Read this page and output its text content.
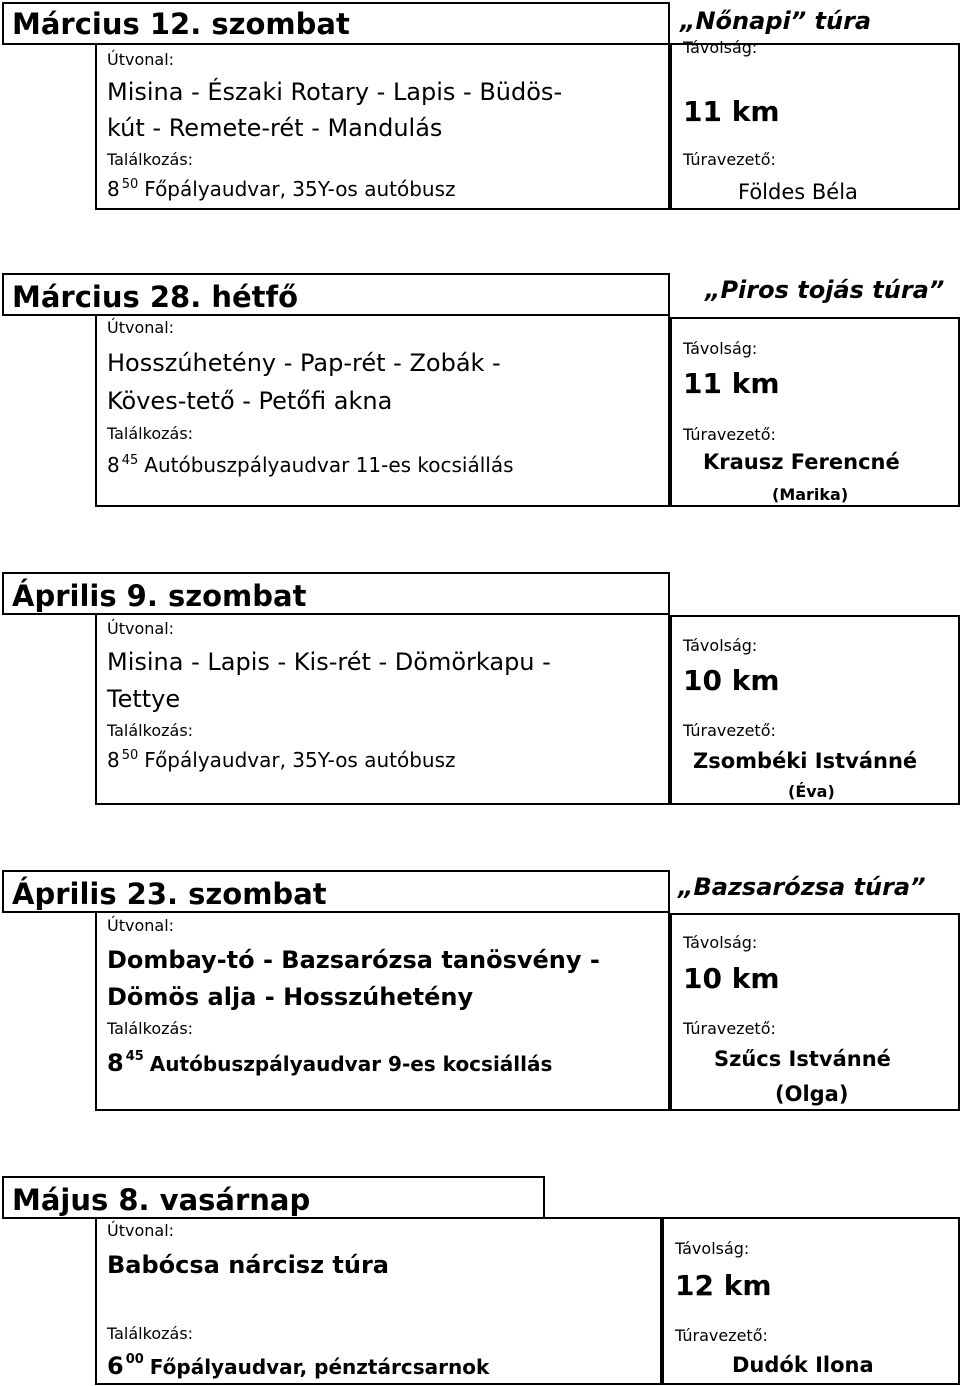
Március 12. szombat	„Nőnapi” túra
Útvonal:
Misina - Északi Rotary - Lapis - Büdös-
kút - Remete-rét - Mandulás
Találkozás:
8 $^{50}$ Főpályaudvar, 35Y-os autóbusz
Távolság:
11 km
Túravezető:
Földes Béla
Március 28. hétfő	„Piros tojás túra”
Útvonal:
Hosszúhetény - Pap-rét - Zobák -
Köves-tető - Petőfi akna
Találkozás:
8 $^{45}$ Autóbuszpályaudvar 11-es kocsiállás
Távolság:
11 km
Túravezető:
Krausz Ferencné
(Marika)
Április 9. szombat
Útvonal:
Misina - Lapis - Kis-rét - Dömörkapu -
Tettye
Találkozás:
8 $^{50}$ Főpályaudvar, 35Y-os autóbusz
Távolság:
10 km
Túravezető:
Zsombéki Istvánné
(Éva)
Április 23. szombat	„Bazsarózsa túra”
Útvonal:
Dombay-tó - Bazsarózsa tanösvény -
Dömös alja - Hosszúhetény
Találkozás:
8 $^{45}$ Autóbuszpályaudvar 9-es kocsiállás
Távolság:
10 km
Túravezető:
Szűcs Istvánné
(Olga)
Május 8. vasárnap
Útvonal:
Babócsa nárcisz túra
Találkozás:
6 $^{00}$ Főpályaudvar, pénztárcsarnok
Távolság:
12 km
Túravezető:
Dudók Ilona
